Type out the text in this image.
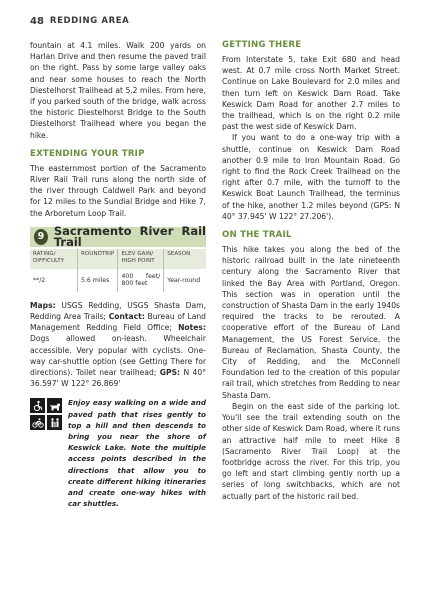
48 REDDING AREA

fountain at 4.1 miles. Walk 200 yards on Harlan Drive and then resume the paved trail on the right. Pass by some large valley oaks and near some houses to reach the North Diestelhorst Trailhead at 5.2 miles. From here, if you parked south of the bridge, walk across the historic Diestelhorst Bridge to the South Diestelhorst Trailhead where you began the hike.

EXTENDING YOUR TRIP

The easternmost portion of the Sacramento River Rail Trail runs along the north side of the river through Caldwell Park and beyond for 12 miles to the Sundial Bridge and Hike 7, the Arboretum Loop Trail.

9 Sacramento River Rail Trail
RATING/ DIFFICULTY	ROUNDTRIP	ELEV GAIN/ HIGH POINT	SEASON
**/2	5.6 miles	400 feet/ 800 feet	Year-round

Maps: USGS Redding, USGS Shasta Dam, Redding Area Trails; Contact: Bureau of Land Management Redding Field Office; Notes: Dogs allowed on-leash. Wheelchair accessible. Very popular with cyclists. One-way car-shuttle option (see Getting There for directions). Toilet near trailhead; GPS: N 40° 36.597' W 122° 26.869'

Enjoy easy walking on a wide and paved path that rises gently to top a hill and then descends to bring you near the shore of Keswick Lake. Note the multiple access points described in the directions that allow you to create different hiking itineraries and create one-way hikes with car shuttles.
GETTING THERE

From Interstate 5, take Exit 680 and head west. At 0.7 mile cross North Market Street. Continue on Lake Boulevard for 2.0 miles and then turn left on Keswick Dam Road. Take Keswick Dam Road for another 2.7 miles to the trailhead, which is on the right 0.2 mile past the west side of Keswick Dam.

If you want to do a one-way trip with a shuttle, continue on Keswick Dam Road another 0.9 mile to Iron Mountain Road. Go right to find the Rock Creek Trailhead on the right after 0.7 mile, with the turnoff to the Keswick Boat Launch Trailhead, the terminus of the hike, another 1.2 miles beyond (GPS: N 40° 37.945' W 122° 27.206').

ON THE TRAIL

This hike takes you along the bed of the historic railroad built in the late nineteenth century along the Sacramento River that linked the Bay Area with Portland, Oregon. This section was in operation until the construction of Shasta Dam in the early 1940s required the tracks to be rerouted. A cooperative effort of the Bureau of Land Management, the US Forest Service, the Bureau of Reclamation, Shasta County, the City of Redding, and the McConnell Foundation led to the creation of this popular rail trail, which stretches from Redding to near Shasta Dam.

Begin on the east side of the parking lot. You'll see the trail extending south on the other side of Keswick Dam Road, where it runs an attractive half mile to meet Hike 8 (Sacramento River Trail Loop) at the footbridge across the river. For this trip, you go left and start climbing gently north up a series of long switchbacks, which are not actually part of the historic rail bed.
